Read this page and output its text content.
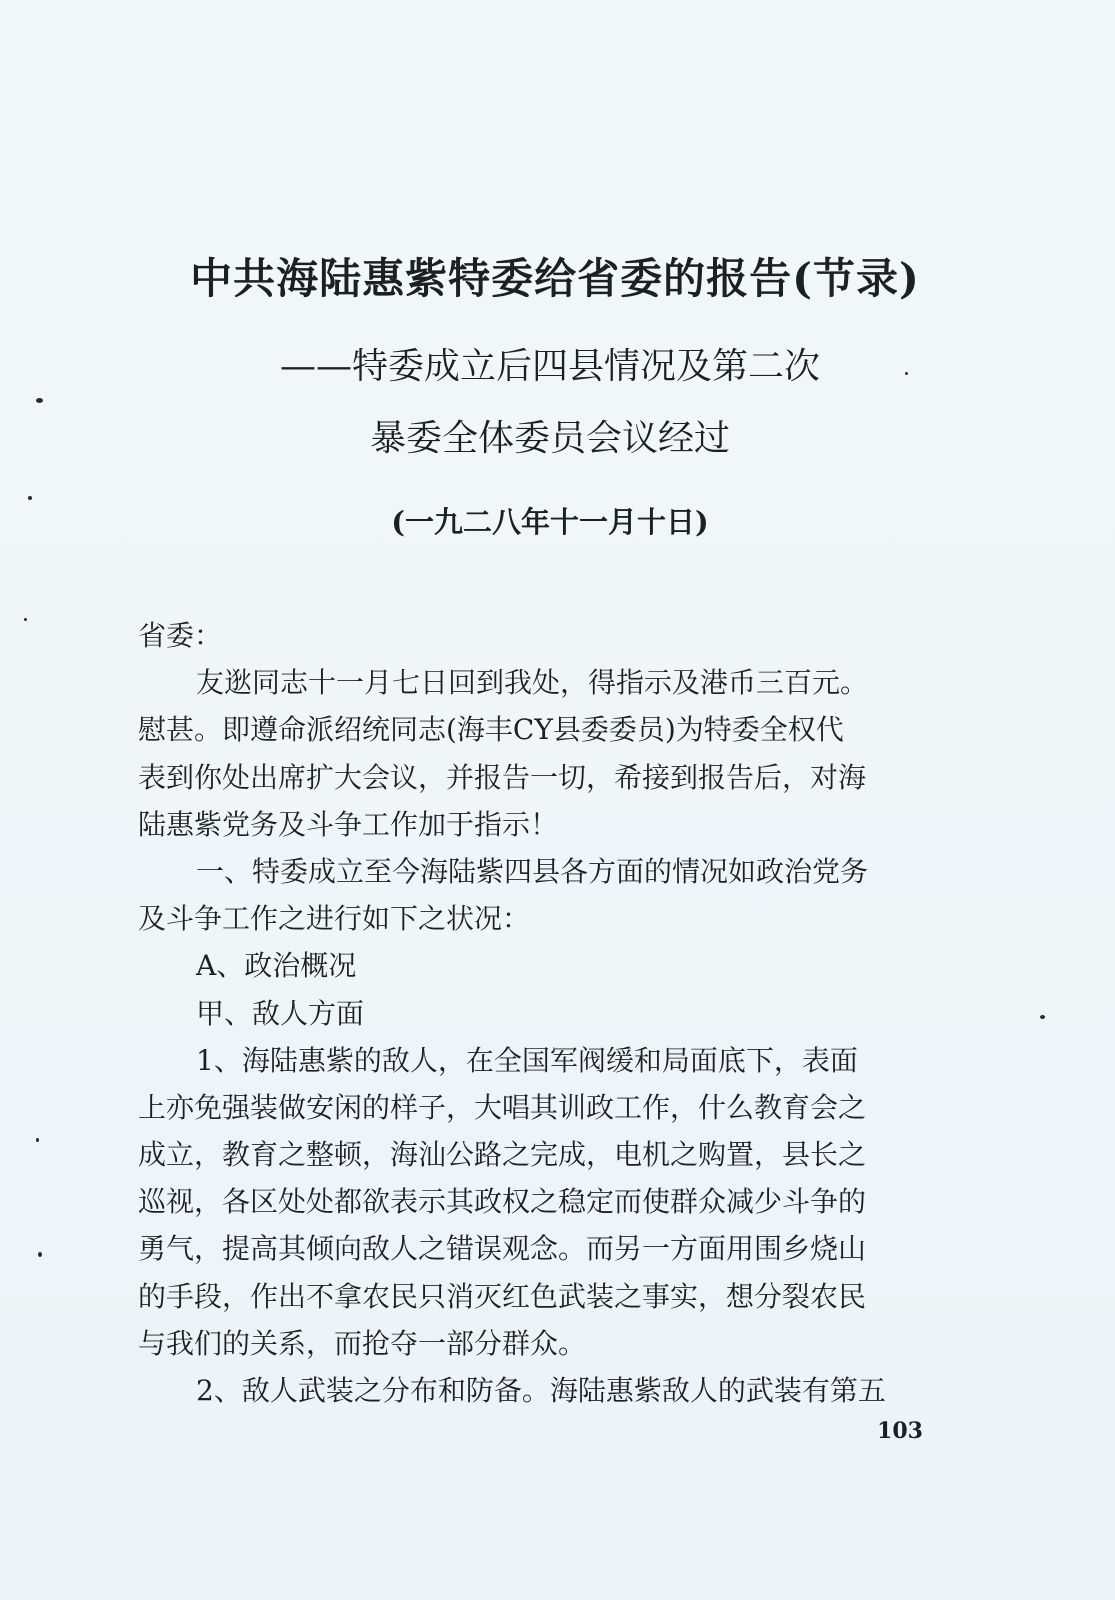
中共海陆惠紫特委给省委的报告(节录)
——特委成立后四县情况及第二次
暴委全体委员会议经过
(一九二八年十一月十日)
省委：
友逖同志十一月七日回到我处，得指示及港币三百元。
慰甚。即遵命派绍统同志(海丰CY县委委员)为特委全权代
表到你处出席扩大会议，并报告一切，希接到报告后，对海
陆惠紫党务及斗争工作加于指示！
一、特委成立至今海陆紫四县各方面的情况如政治党务
及斗争工作之进行如下之状况：
A、政治概况
甲、敌人方面
1、海陆惠紫的敌人，在全国军阀缓和局面底下，表面
上亦免强装做安闲的样子，大唱其训政工作，什么教育会之
成立，教育之整顿，海汕公路之完成，电机之购置，县长之
巡视，各区处处都欲表示其政权之稳定而使群众减少斗争的
勇气，提高其倾向敌人之错误观念。而另一方面用围乡烧山
的手段，作出不拿农民只消灭红色武装之事实，想分裂农民
与我们的关系，而抢夺一部分群众。
2、敌人武装之分布和防备。海陆惠紫敌人的武装有第五
103
